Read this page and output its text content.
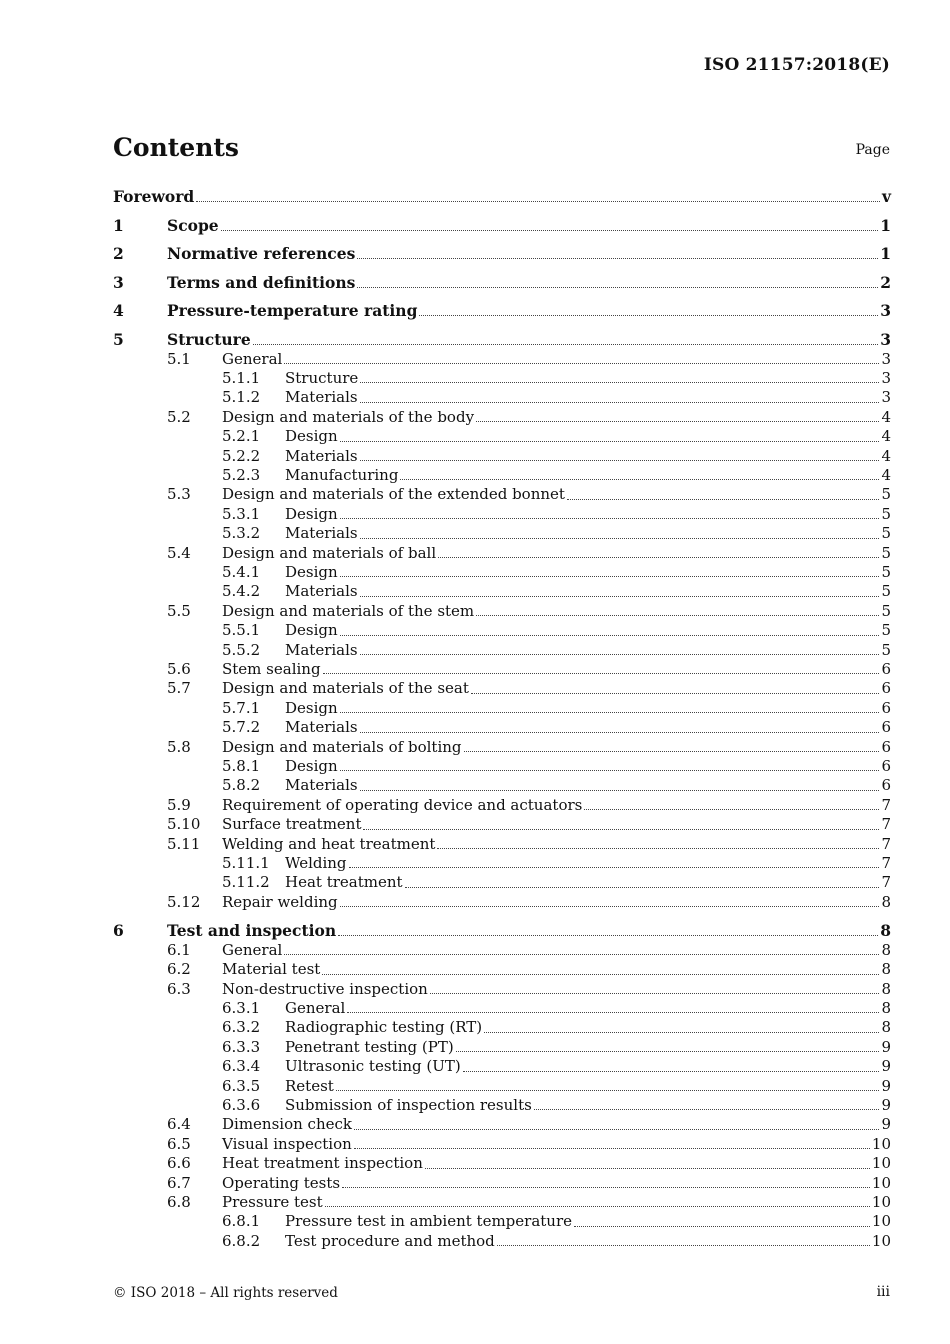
ISO 21157:2018(E)
Contents	Page
Foreword	v
1	Scope	1
2	Normative references	1
3	Terms and definitions	2
4	Pressure-temperature rating	3
5	Structure	3
5.1	General	3
5.1.1	Structure	3
5.1.2	Materials	3
5.2	Design and materials of the body	4
5.2.1	Design	4
5.2.2	Materials	4
5.2.3	Manufacturing	4
5.3	Design and materials of the extended bonnet	5
5.3.1	Design	5
5.3.2	Materials	5
5.4	Design and materials of ball	5
5.4.1	Design	5
5.4.2	Materials	5
5.5	Design and materials of the stem	5
5.5.1	Design	5
5.5.2	Materials	5
5.6	Stem sealing	6
5.7	Design and materials of the seat	6
5.7.1	Design	6
5.7.2	Materials	6
5.8	Design and materials of bolting	6
5.8.1	Design	6
5.8.2	Materials	6
5.9	Requirement of operating device and actuators	7
5.10	Surface treatment	7
5.11	Welding and heat treatment	7
5.11.1	Welding	7
5.11.2	Heat treatment	7
5.12	Repair welding	8
6	Test and inspection	8
6.1	General	8
6.2	Material test	8
6.3	Non-destructive inspection	8
6.3.1	General	8
6.3.2	Radiographic testing (RT)	8
6.3.3	Penetrant testing (PT)	9
6.3.4	Ultrasonic testing (UT)	9
6.3.5	Retest	9
6.3.6	Submission of inspection results	9
6.4	Dimension check	9
6.5	Visual inspection	10
6.6	Heat treatment inspection	10
6.7	Operating tests	10
6.8	Pressure test	10
6.8.1	Pressure test in ambient temperature	10
6.8.2	Test procedure and method	10
© ISO 2018 – All rights reserved	iii
